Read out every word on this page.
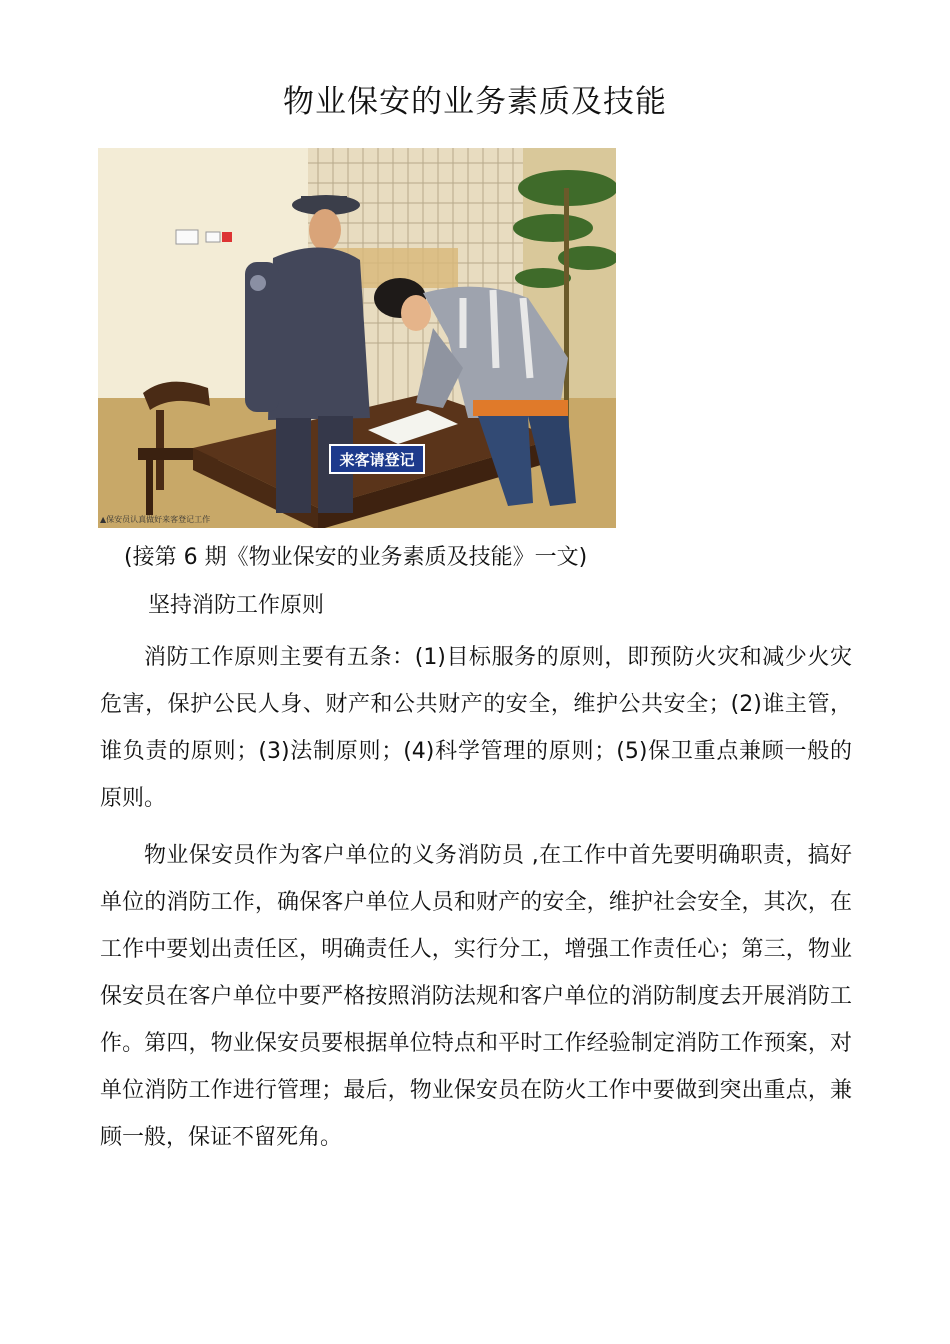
物业保安的业务素质及技能
来客请登记
▲保安员认真做好来客登记工作
(接第 6 期《物业保安的业务素质及技能》一文)
坚持消防工作原则

消防工作原则主要有五条：(1)目标服务的原则，即预防火灾和减少火灾危害，保护公民人身、财产和公共财产的安全，维护公共安全；(2)谁主管，谁负责的原则；(3)法制原则；(4)科学管理的原则；(5)保卫重点兼顾一般的原则。

物业保安员作为客户单位的义务消防员 ,在工作中首先要明确职责，搞好单位的消防工作，确保客户单位人员和财产的安全，维护社会安全，其次，在工作中要划出责任区，明确责任人，实行分工，增强工作责任心；第三，物业保安员在客户单位中要严格按照消防法规和客户单位的消防制度去开展消防工作。第四，物业保安员要根据单位特点和平时工作经验制定消防工作预案，对单位消防工作进行管理；最后，物业保安员在防火工作中要做到突出重点，兼顾一般，保证不留死角。
